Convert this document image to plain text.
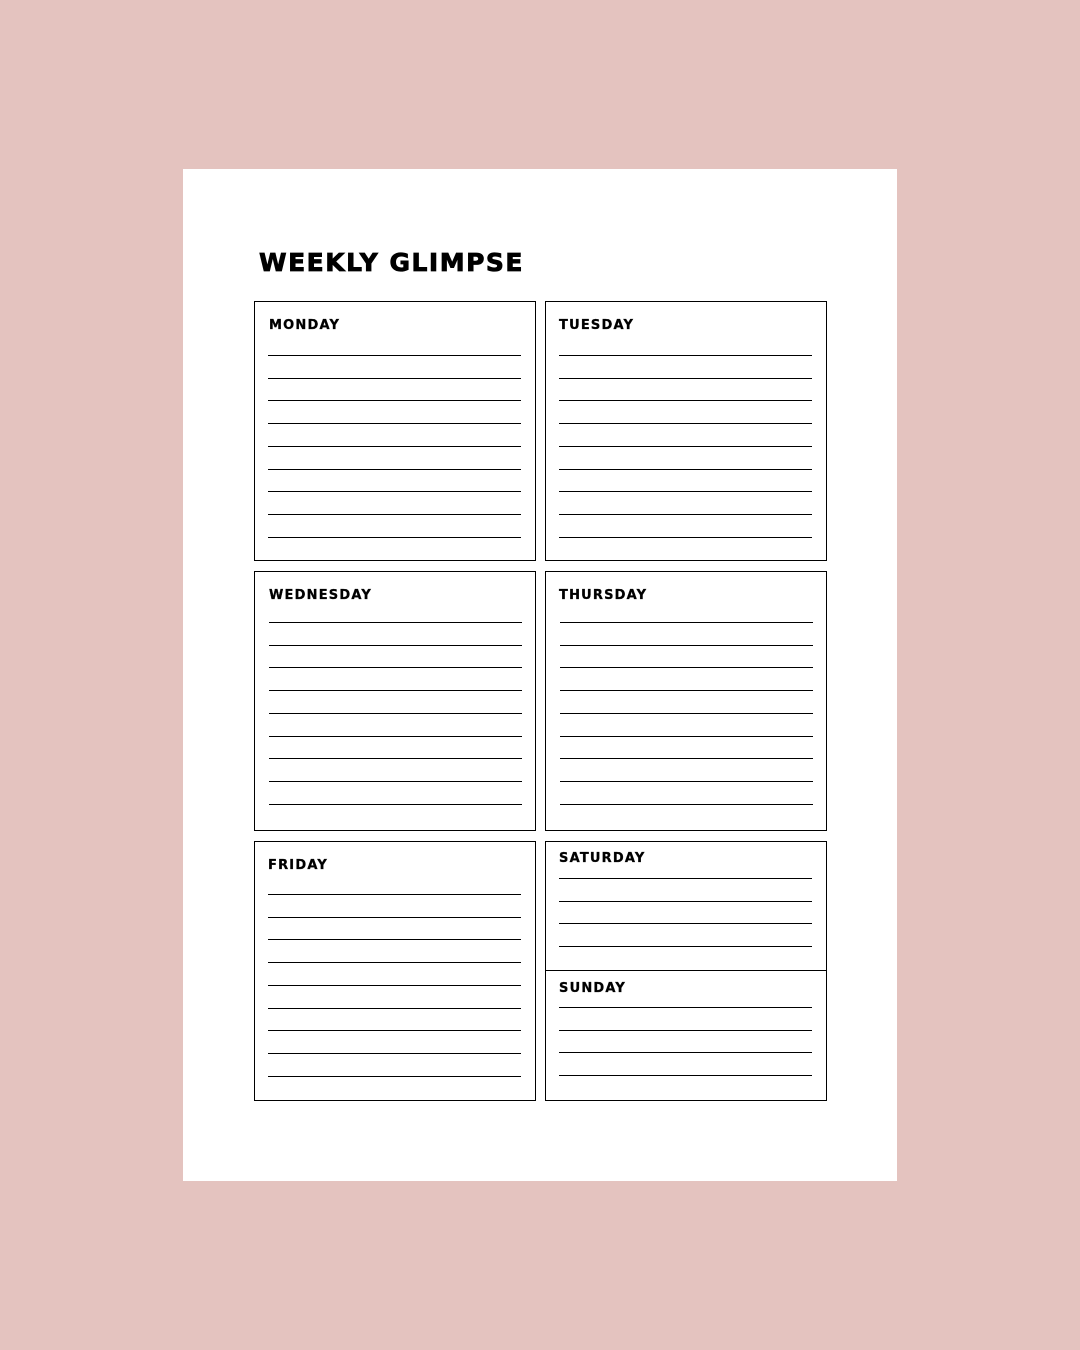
WEEKLY GLIMPSE
MONDAY	TUESDAY
WEDNESDAY	THURSDAY
FRIDAY	SATURDAY
SUNDAY
